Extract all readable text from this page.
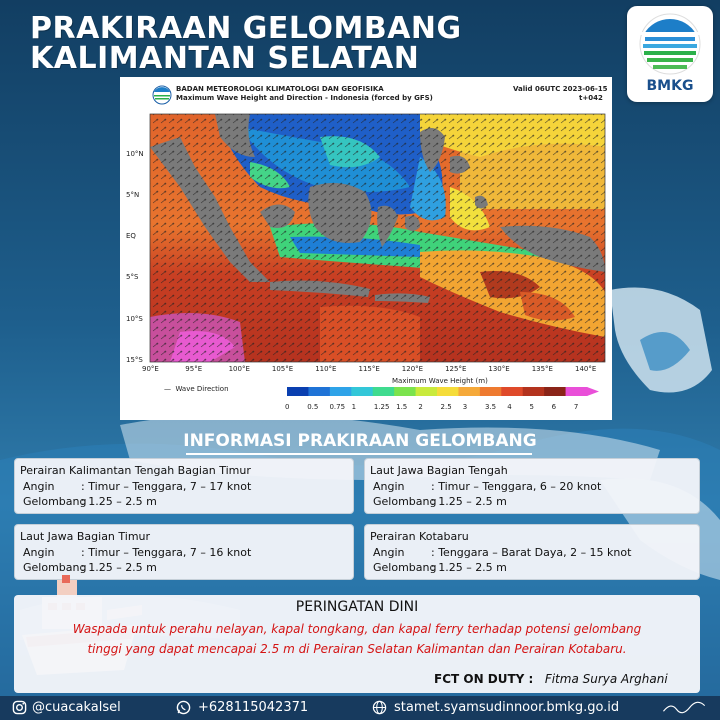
PRAKIRAAN GELOMBANG
KALIMANTAN SELATAN
BMKG
BADAN METEOROLOGI KLIMATOLOGI DAN GEOFISIKA
Maximum Wave Height and Direction - Indonesia (forced by GFS)
Valid 06UTC 2023-06-15
t+042
10°N
5°N
EQ
5°S
10°S
15°S
90°E	95°E	100°E	105°E	110°E	115°E	120°E	125°E	130°E	135°E	140°E
— Wave Direction
Maximum Wave Height (m)
0	0.5 0.75 1	1.25 1.5 2	2.5 3	3.5 4	5	6	7
INFORMASI PRAKIRAAN GELOMBANG
Perairan Kalimantan Tengah Bagian Timur
Angin : Timur – Tenggara, 7 – 17 knot
Gelombang: 1.25 – 2.5 m
Laut Jawa Bagian Tengah
Angin : Timur – Tenggara, 6 – 20 knot
Gelombang: 1.25 – 2.5 m
Laut Jawa Bagian Timur
Angin : Timur – Tenggara, 7 – 16 knot
Gelombang: 1.25 – 2.5 m
Perairan Kotabaru
Angin : Tenggara – Barat Daya, 2 – 15 knot
Gelombang: 1.25 – 2.5 m
PERINGATAN DINI
Waspada untuk perahu nelayan, kapal tongkang, dan kapal ferry terhadap potensi gelombang
tinggi yang dapat mencapai 2.5 m di Perairan Selatan Kalimantan dan Perairan Kotabaru.
FCT ON DUTY : Fitma Surya Arghani
@cuacakalsel	+628115042371	stamet.syamsudinnoor.bmkg.go.id
